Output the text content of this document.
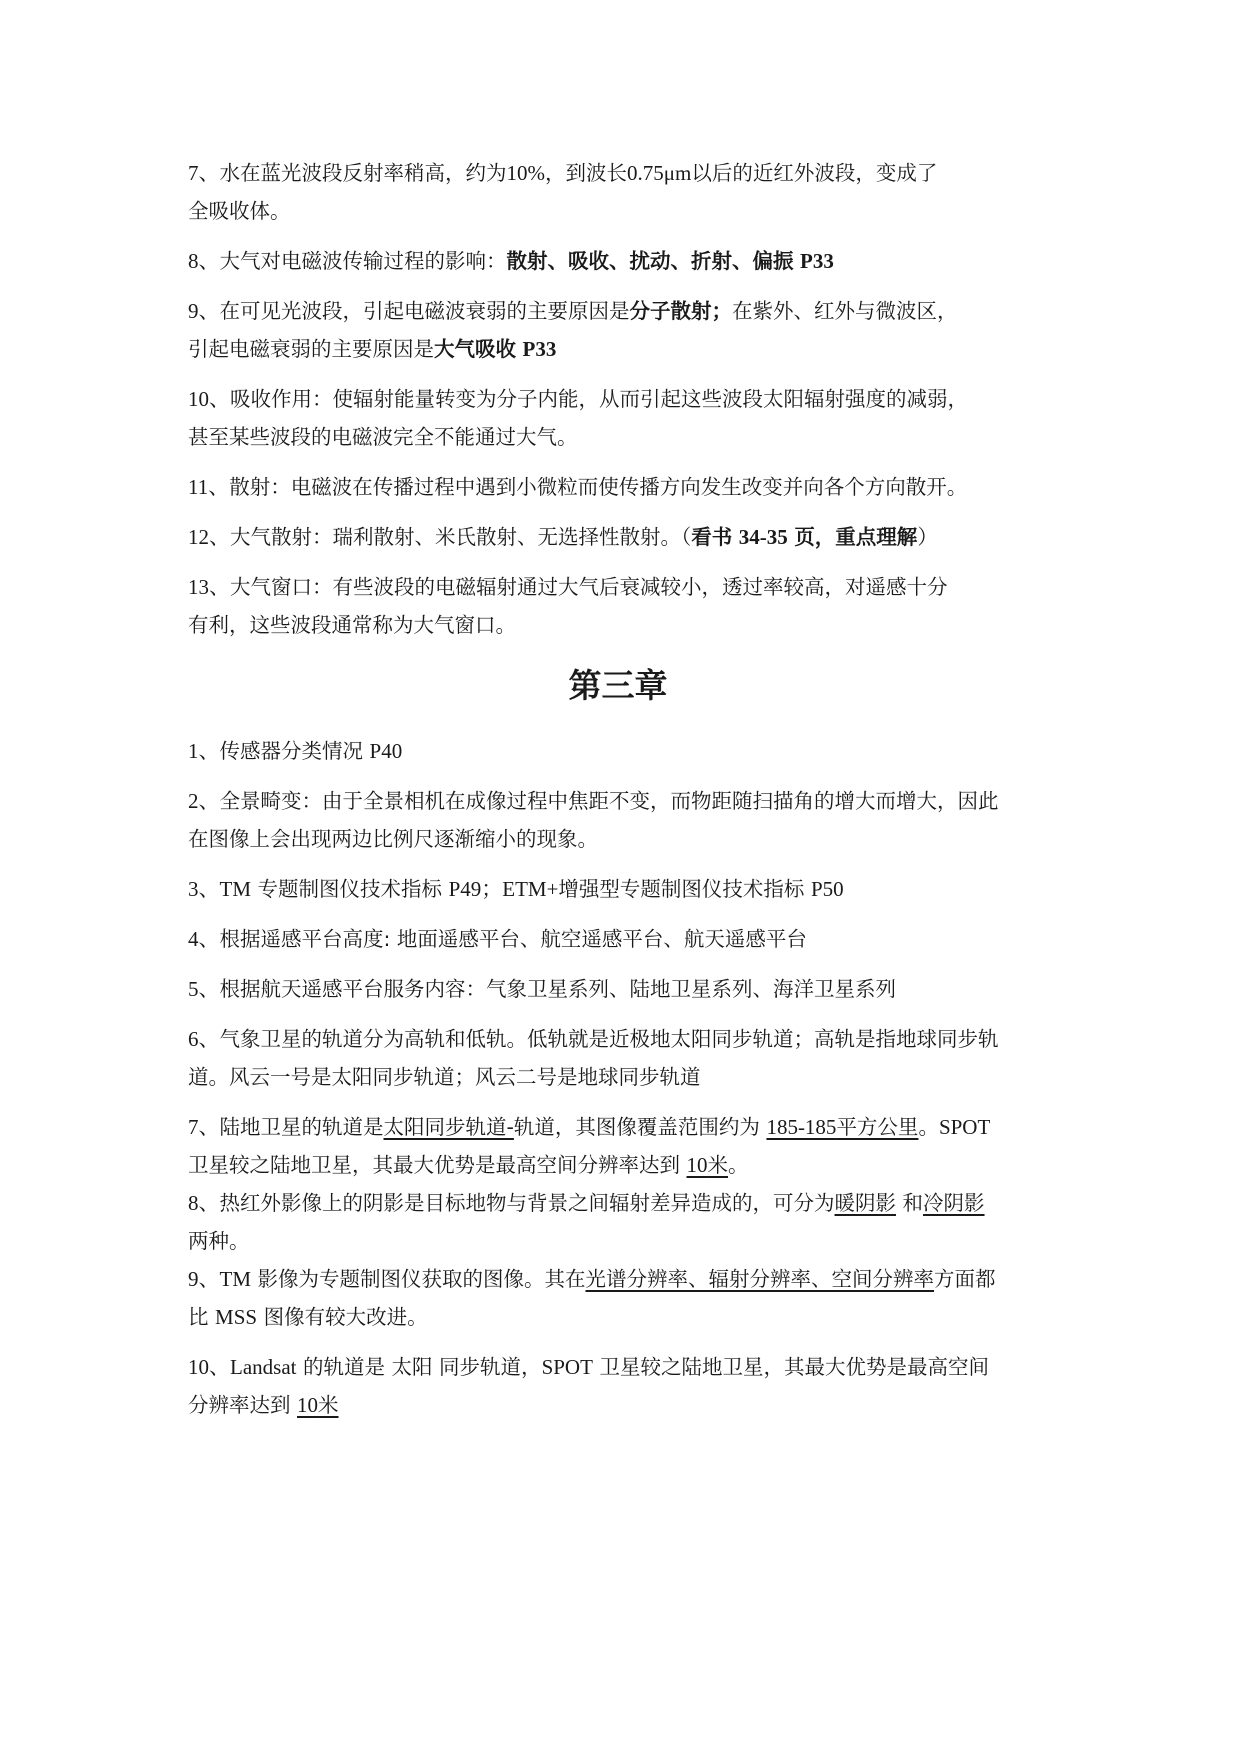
7、水在蓝光波段反射率稍高，约为10%，到波长0.75μm以后的近红外波段，变成了
全吸收体。

8、大气对电磁波传输过程的影响：散射、吸收、扰动、折射、偏振 P33

9、在可见光波段，引起电磁波衰弱的主要原因是分子散射；在紫外、红外与微波区，
引起电磁衰弱的主要原因是大气吸收 P33

10、吸收作用：使辐射能量转变为分子内能，从而引起这些波段太阳辐射强度的减弱，
甚至某些波段的电磁波完全不能通过大气。

11、散射：电磁波在传播过程中遇到小微粒而使传播方向发生改变并向各个方向散开。

12、大气散射：瑞利散射、米氏散射、无选择性散射。（看书 34-35 页，重点理解）

13、大气窗口：有些波段的电磁辐射通过大气后衰减较小，透过率较高，对遥感十分
有利，这些波段通常称为大气窗口。

第三章

1、传感器分类情况 P40

2、全景畸变：由于全景相机在成像过程中焦距不变，而物距随扫描角的增大而增大，因此
在图像上会出现两边比例尺逐渐缩小的现象。

3、TM 专题制图仪技术指标 P49；ETM+增强型专题制图仪技术指标 P50

4、根据遥感平台高度: 地面遥感平台、航空遥感平台、航天遥感平台

5、根据航天遥感平台服务内容：气象卫星系列、陆地卫星系列、海洋卫星系列

6、气象卫星的轨道分为高轨和低轨。低轨就是近极地太阳同步轨道；高轨是指地球同步轨
道。风云一号是太阳同步轨道；风云二号是地球同步轨道

7、陆地卫星的轨道是太阳同步轨道-轨道，其图像覆盖范围约为 185-185平方公里。SPOT
卫星较之陆地卫星，其最大优势是最高空间分辨率达到 10米。

8、热红外影像上的阴影是目标地物与背景之间辐射差异造成的，可分为暖阴影 和冷阴影
两种。

9、TM 影像为专题制图仪获取的图像。其在光谱分辨率、辐射分辨率、空间分辨率方面都
比 MSS 图像有较大改进。

10、Landsat 的轨道是 太阳 同步轨道，SPOT 卫星较之陆地卫星，其最大优势是最高空间
分辨率达到 10米
